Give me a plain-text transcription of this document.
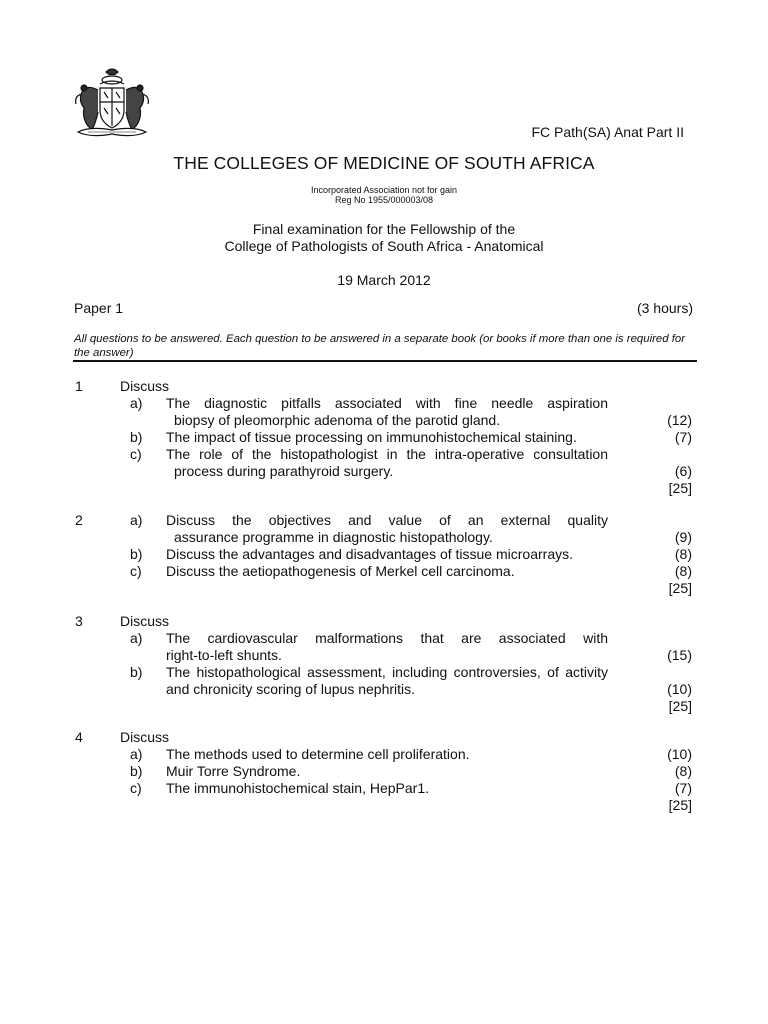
FC Path(SA) Anat Part II
THE COLLEGES OF MEDICINE OF SOUTH AFRICA
Incorporated Association not for gain
Reg No 1955/000003/08
Final examination for the Fellowship of the
College of Pathologists of South Africa - Anatomical
19 March 2012
Paper 1	(3 hours)
All questions to be answered. Each question to be answered in a separate book (or books if more than one is required for the answer)
1	Discuss
a) The diagnostic pitfalls associated with fine needle aspiration
biopsy of pleomorphic adenoma of the parotid gland.	(12)
b) The impact of tissue processing on immunohistochemical staining.	(7)
c) The role of the histopathologist in the intra-operative consultation
process during parathyroid surgery.	(6)
[25]
2	a) Discuss the objectives and value of an external quality
assurance programme in diagnostic histopathology.	(9)
b) Discuss the advantages and disadvantages of tissue microarrays.	(8)
c) Discuss the aetiopathogenesis of Merkel cell carcinoma.	(8)
[25]
3	Discuss
a) The cardiovascular malformations that are associated with
right-to-left shunts.	(15)
b) The histopathological assessment, including controversies, of activity
and chronicity scoring of lupus nephritis.	(10)
[25]
4	Discuss
a) The methods used to determine cell proliferation.	(10)
b) Muir Torre Syndrome.	(8)
c) The immunohistochemical stain, HepPar1.	(7)
[25]
